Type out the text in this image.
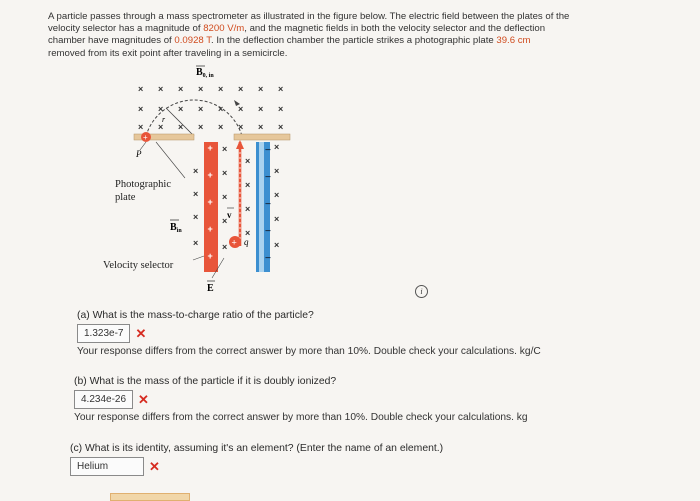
A particle passes through a mass spectrometer as illustrated in the figure below. The electric field between the plates of the
velocity selector has a magnitude of 8200 V/m, and the magnetic fields in both the velocity selector and the deflection
chamber have magnitudes of 0.0928 T. In the deflection chamber the particle strikes a photographic plate 39.6 cm
removed from its exit point after traveling in a semicircle.
× × × × × × × ×
× × × × × × × ×
× × × × × × × ×
×
×
×
×
×
×
×
×
×
×
×
×
×
×
×
×
×
×
r
+
P
$B_{0, in}$
Photographic
plate
$B_{in}$
+
+
+
+
+
−
−
−
−
−
v
+ q
Velocity selector
E	i
(a) What is the mass-to-charge ratio of the particle?
1.323e-7 ✕
Your response differs from the correct answer by more than 10%. Double check your calculations. kg/C
(b) What is the mass of the particle if it is doubly ionized?
4.234e-26 ✕
Your response differs from the correct answer by more than 10%. Double check your calculations. kg
(c) What is its identity, assuming it's an element? (Enter the name of an element.)
Helium	✕
